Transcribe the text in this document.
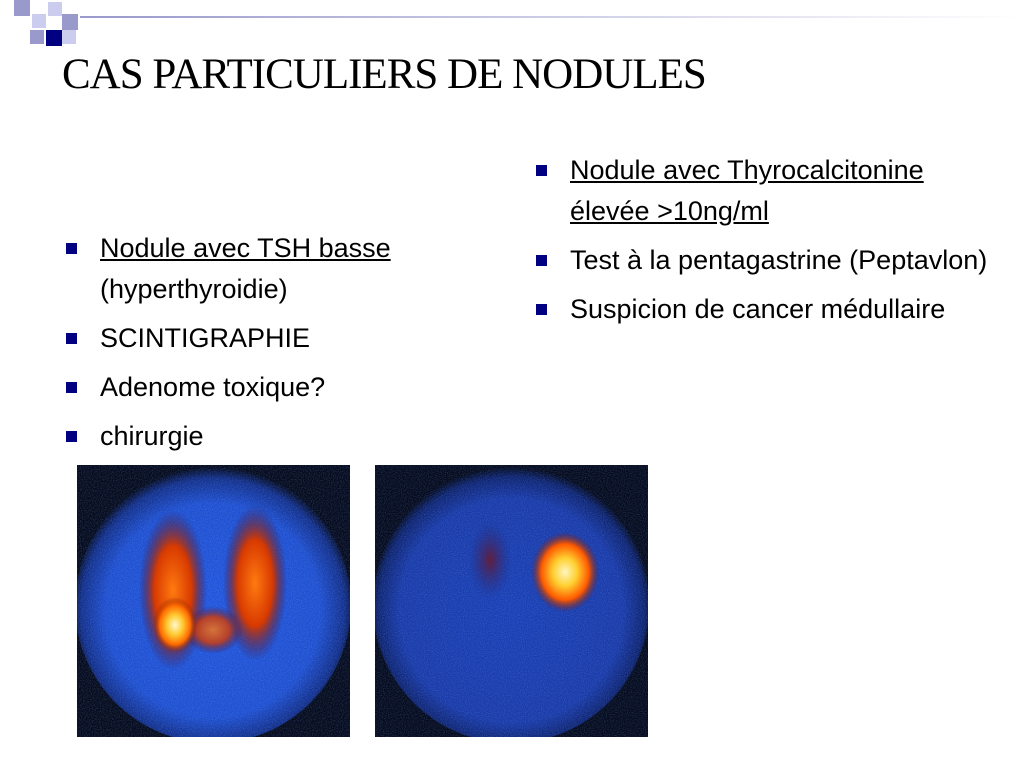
CAS PARTICULIERS DE NODULES
Nodule avec TSH basse (hyperthyroidie)
SCINTIGRAPHIE
Adenome toxique?
chirurgie
Nodule avec Thyrocalcitonine élevée >10ng/ml
Test à la pentagastrine (Peptavlon)
Suspicion de cancer médullaire
